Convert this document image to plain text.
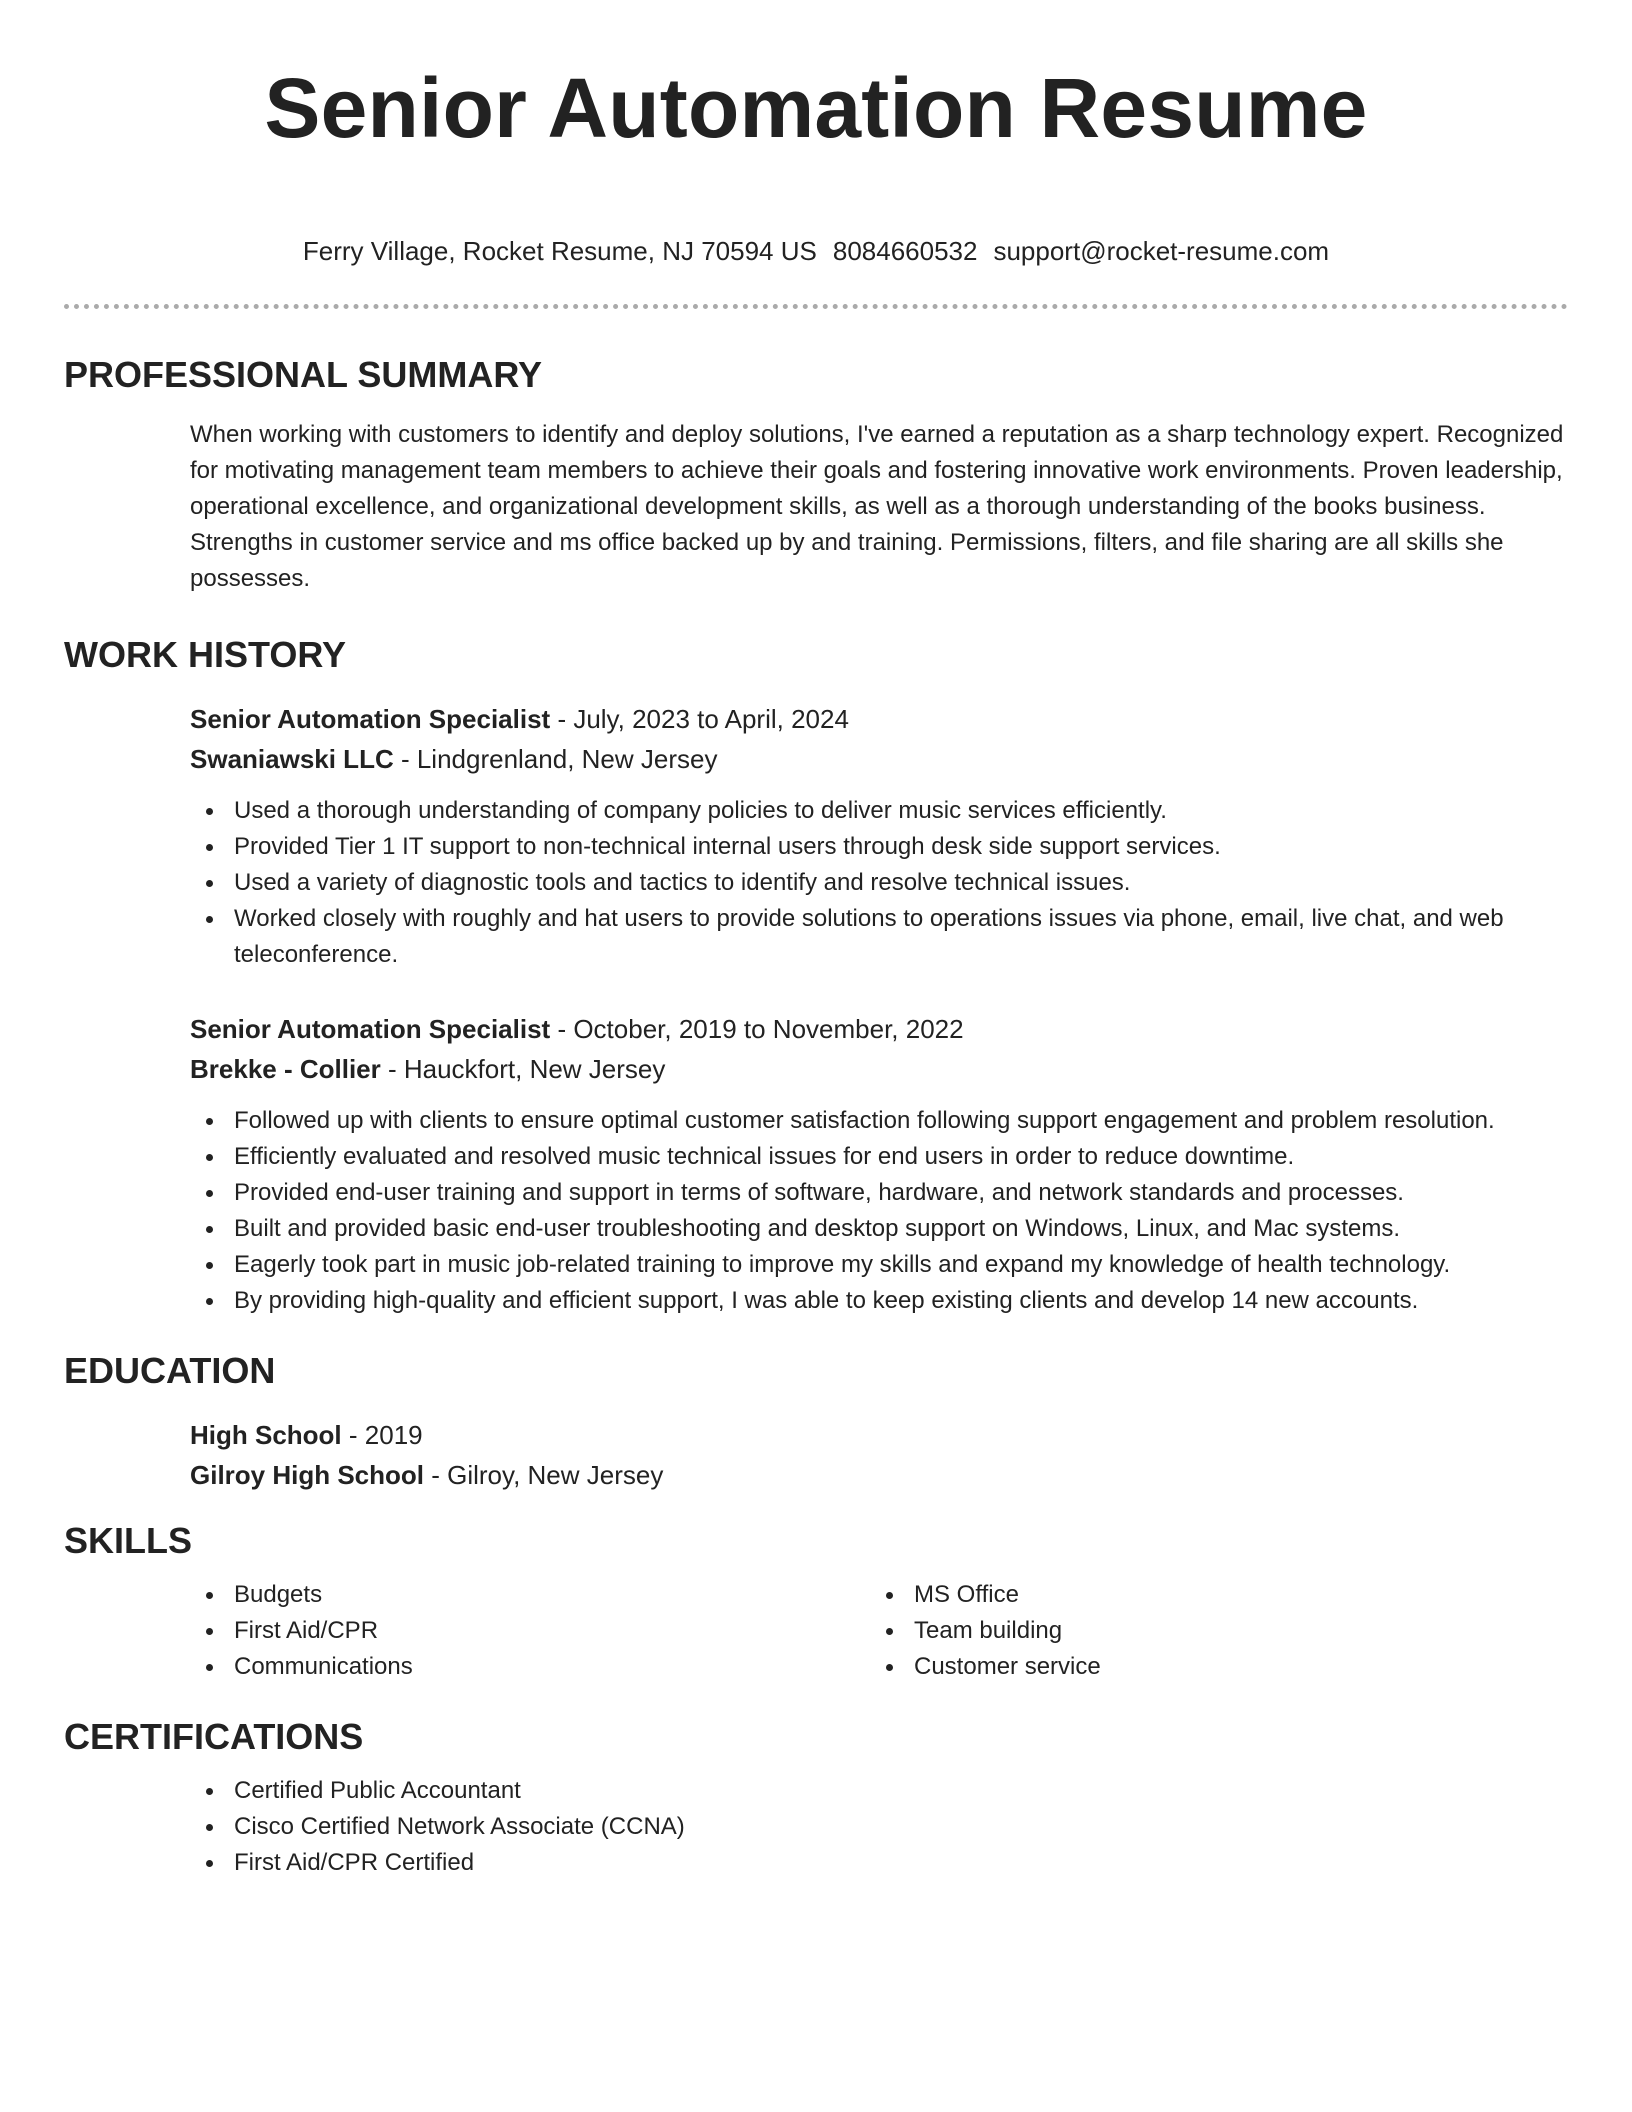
Senior Automation Resume
Ferry Village, Rocket Resume, NJ 70594 US 8084660532 support@rocket-resume.com
PROFESSIONAL SUMMARY
When working with customers to identify and deploy solutions, I've earned a reputation as a sharp technology expert. Recognized for motivating management team members to achieve their goals and fostering innovative work environments. Proven leadership, operational excellence, and organizational development skills, as well as a thorough understanding of the books business. Strengths in customer service and ms office backed up by and training. Permissions, filters, and file sharing are all skills she possesses.
WORK HISTORY
Senior Automation Specialist - July, 2023 to April, 2024
Swaniawski LLC - Lindgrenland, New Jersey
Used a thorough understanding of company policies to deliver music services efficiently.
Provided Tier 1 IT support to non-technical internal users through desk side support services.
Used a variety of diagnostic tools and tactics to identify and resolve technical issues.
Worked closely with roughly and hat users to provide solutions to operations issues via phone, email, live chat, and web teleconference.
Senior Automation Specialist - October, 2019 to November, 2022
Brekke - Collier - Hauckfort, New Jersey
Followed up with clients to ensure optimal customer satisfaction following support engagement and problem resolution.
Efficiently evaluated and resolved music technical issues for end users in order to reduce downtime.
Provided end-user training and support in terms of software, hardware, and network standards and processes.
Built and provided basic end-user troubleshooting and desktop support on Windows, Linux, and Mac systems.
Eagerly took part in music job-related training to improve my skills and expand my knowledge of health technology.
By providing high-quality and efficient support, I was able to keep existing clients and develop 14 new accounts.
EDUCATION
High School - 2019
Gilroy High School - Gilroy, New Jersey
SKILLS
Budgets
First Aid/CPR
Communications
MS Office
Team building
Customer service
CERTIFICATIONS
Certified Public Accountant
Cisco Certified Network Associate (CCNA)
First Aid/CPR Certified
